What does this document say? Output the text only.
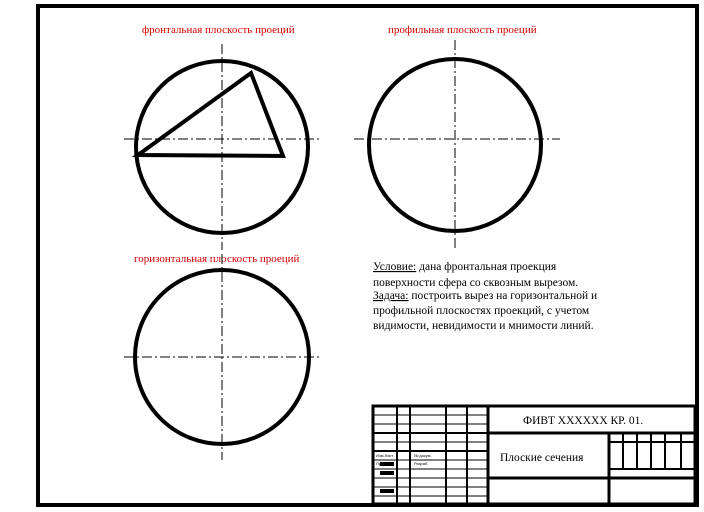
фронтальная плоскость проеций	профильная плоскость проеций
горизонтальная плоскость проеций
Условие: дана фронтальная проекция
поверхности сфера со сквозным вырезом.
Задача: построить вырез на горизонтальной и
профильной плоскостях проекций, с учетом
видимости, невидимости и мнимости линий.
Изм.Лист	№ докум.
Разраб.
Провер.
ФИВТ XXXXXX КР. 01.
Плоские сечения
